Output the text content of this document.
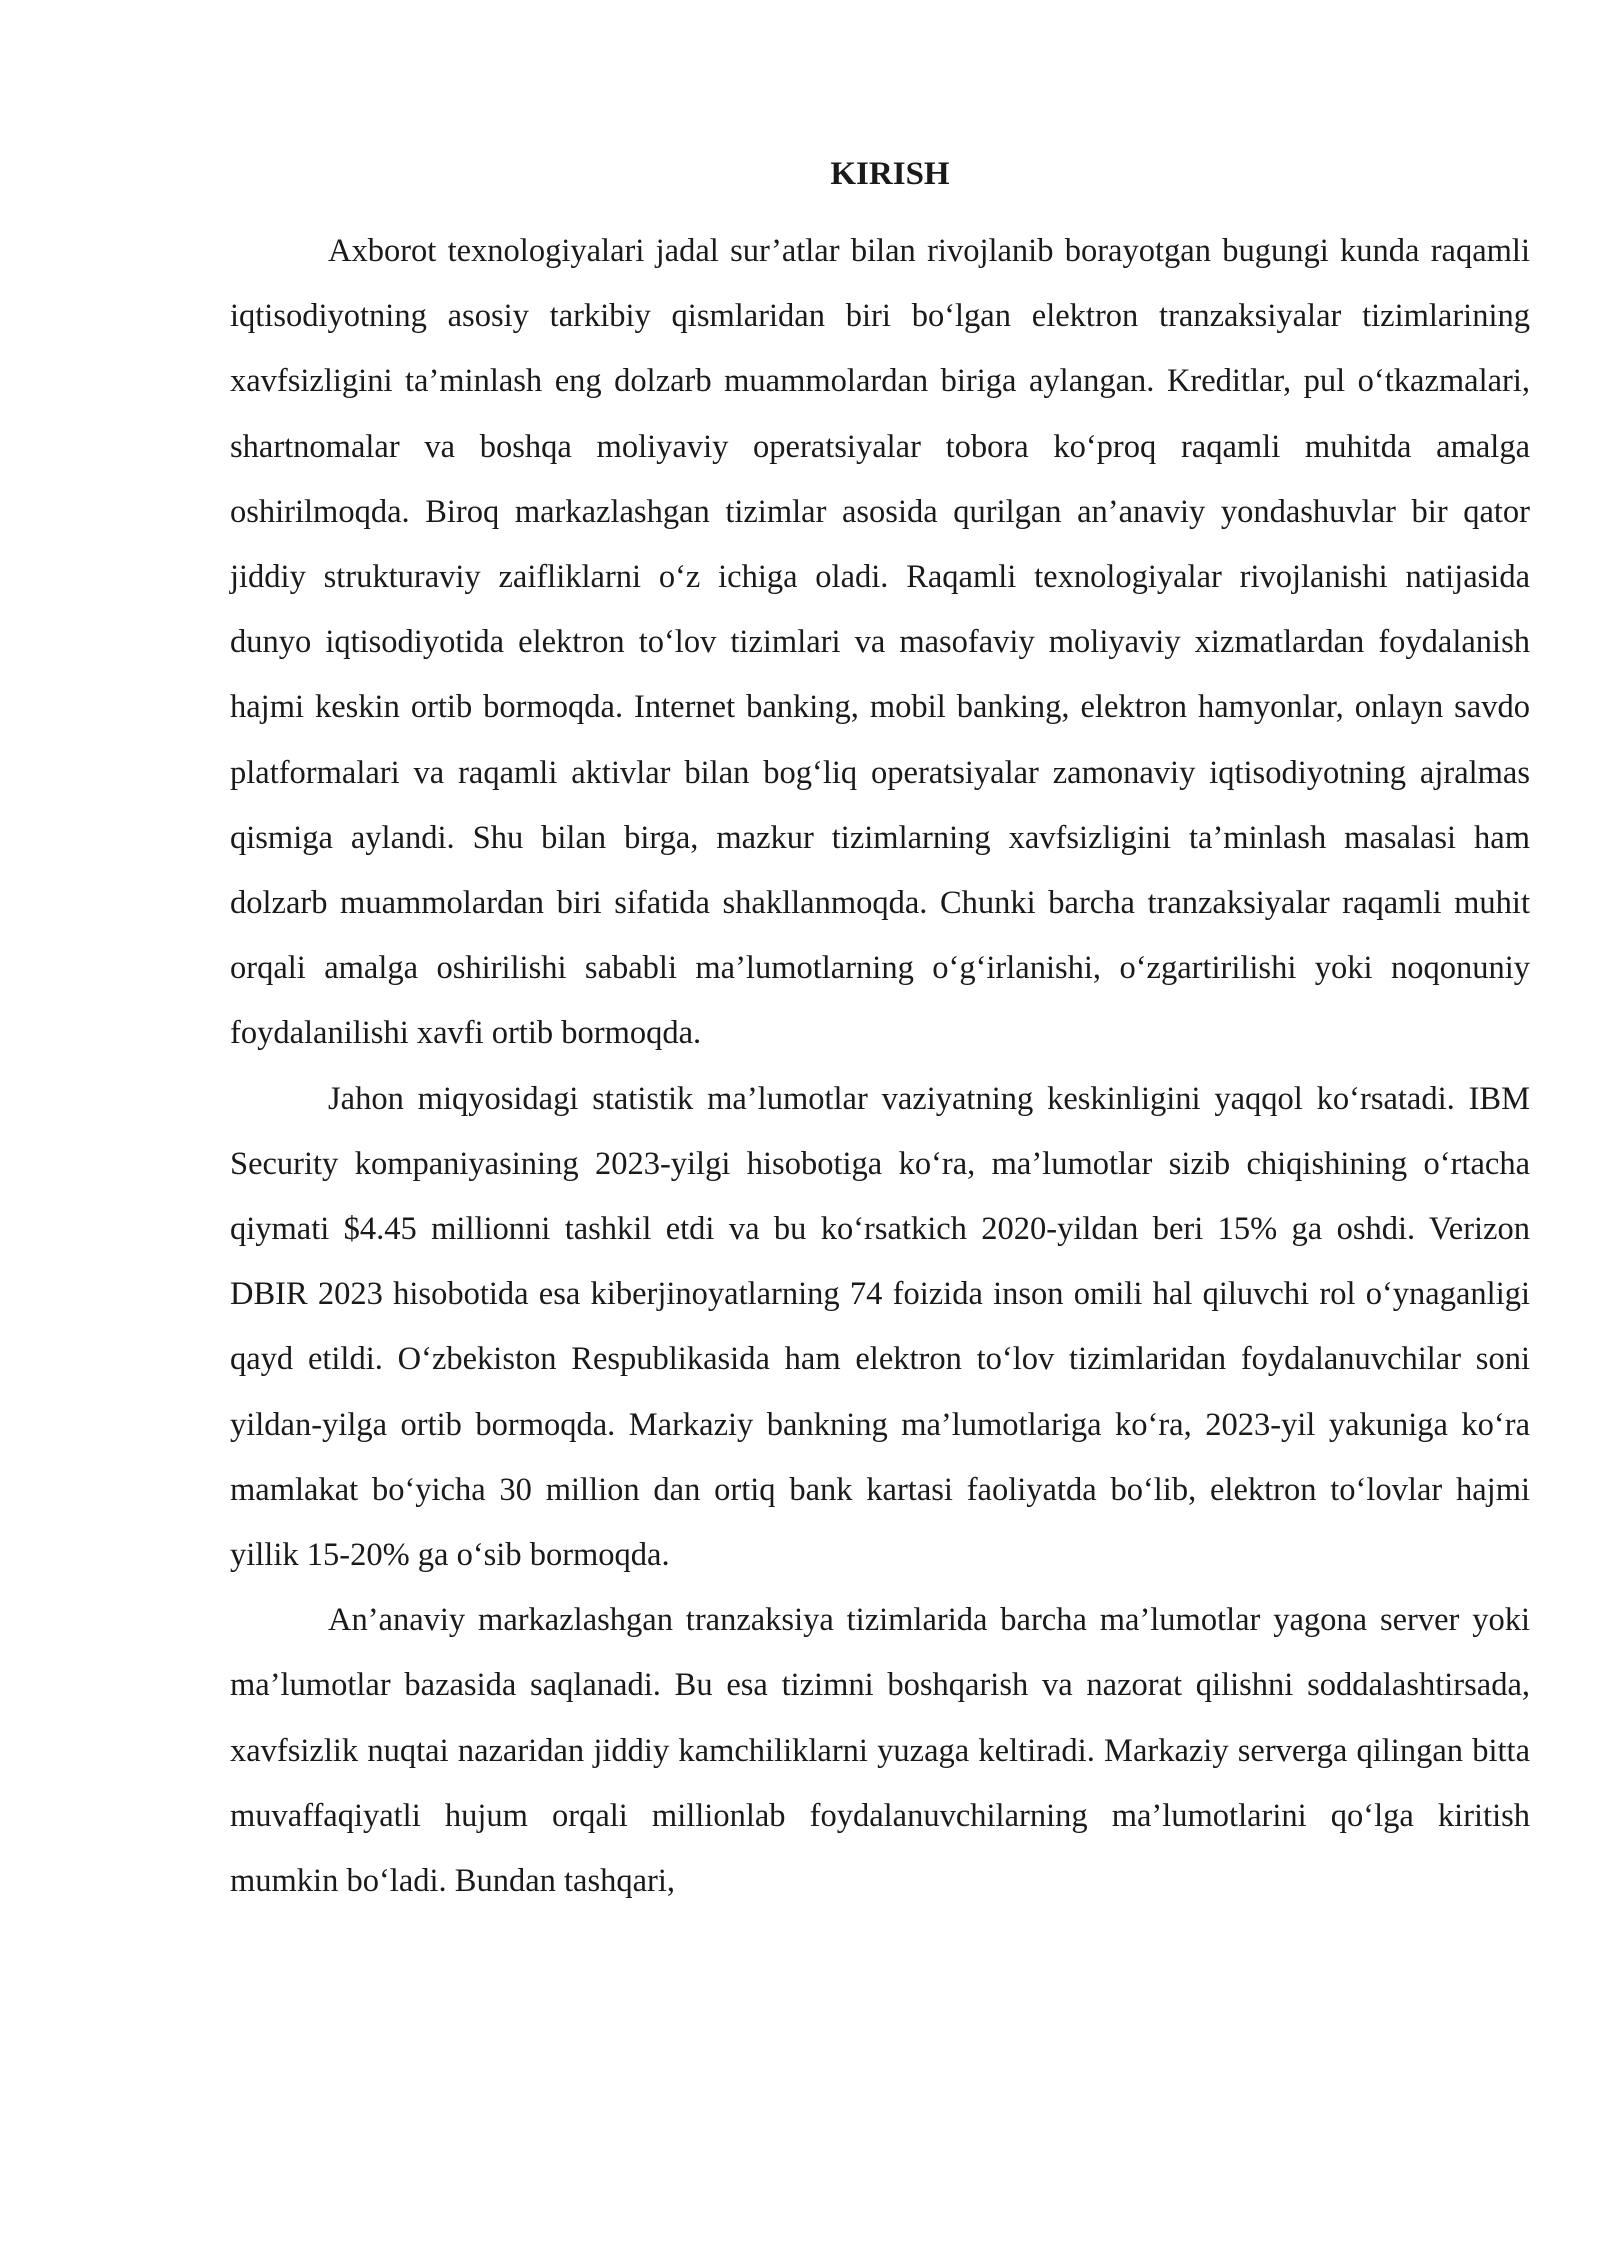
KIRISH

Axborot texnologiyalari jadal sur’atlar bilan rivojlanib borayotgan bugungi kunda raqamli iqtisodiyotning asosiy tarkibiy qismlaridan biri bo‘lgan elektron tranzaksiyalar tizimlarining xavfsizligini ta’minlash eng dolzarb muammolardan biriga aylangan. Kreditlar, pul o‘tkazmalari, shartnomalar va boshqa moliyaviy operatsiyalar tobora ko‘proq raqamli muhitda amalga oshirilmoqda. Biroq markazlashgan tizimlar asosida qurilgan an’anaviy yondashuvlar bir qator jiddiy strukturaviy zaifliklarni o‘z ichiga oladi. Raqamli texnologiyalar rivojlanishi natijasida dunyo iqtisodiyotida elektron to‘lov tizimlari va masofaviy moliyaviy xizmatlardan foydalanish hajmi keskin ortib bormoqda. Internet banking, mobil banking, elektron hamyonlar, onlayn savdo platformalari va raqamli aktivlar bilan bog‘liq operatsiyalar zamonaviy iqtisodiyotning ajralmas qismiga aylandi. Shu bilan birga, mazkur tizimlarning xavfsizligini ta’minlash masalasi ham dolzarb muammolardan biri sifatida shakllanmoqda. Chunki barcha tranzaksiyalar raqamli muhit orqali amalga oshirilishi sababli ma’lumotlarning o‘g‘irlanishi, o‘zgartirilishi yoki noqonuniy foydalanilishi xavfi ortib bormoqda.

Jahon miqyosidagi statistik ma’lumotlar vaziyatning keskinligini yaqqol ko‘rsatadi. IBM Security kompaniyasining 2023-yilgi hisobotiga ko‘ra, ma’lumotlar sizib chiqishining o‘rtacha qiymati $4.45 millionni tashkil etdi va bu ko‘rsatkich 2020-yildan beri 15% ga oshdi. Verizon DBIR 2023 hisobotida esa kiberjinoyatlarning 74 foizida inson omili hal qiluvchi rol o‘ynaganligi qayd etildi. O‘zbekiston Respublikasida ham elektron to‘lov tizimlaridan foydalanuvchilar soni yildan-yilga ortib bormoqda. Markaziy bankning ma’lumotlariga ko‘ra, 2023-yil yakuniga ko‘ra mamlakat bo‘yicha 30 million dan ortiq bank kartasi faoliyatda bo‘lib, elektron to‘lovlar hajmi yillik 15-20% ga o‘sib bormoqda.

An’anaviy markazlashgan tranzaksiya tizimlarida barcha ma’lumotlar yagona server yoki ma’lumotlar bazasida saqlanadi. Bu esa tizimni boshqarish va nazorat qilishni soddalashtirsada, xavfsizlik nuqtai nazaridan jiddiy kamchiliklarni yuzaga keltiradi. Markaziy serverga qilingan bitta muvaffaqiyatli hujum orqali millionlab foydalanuvchilarning ma’lumotlarini qo‘lga kiritish mumkin bo‘ladi. Bundan tashqari,
